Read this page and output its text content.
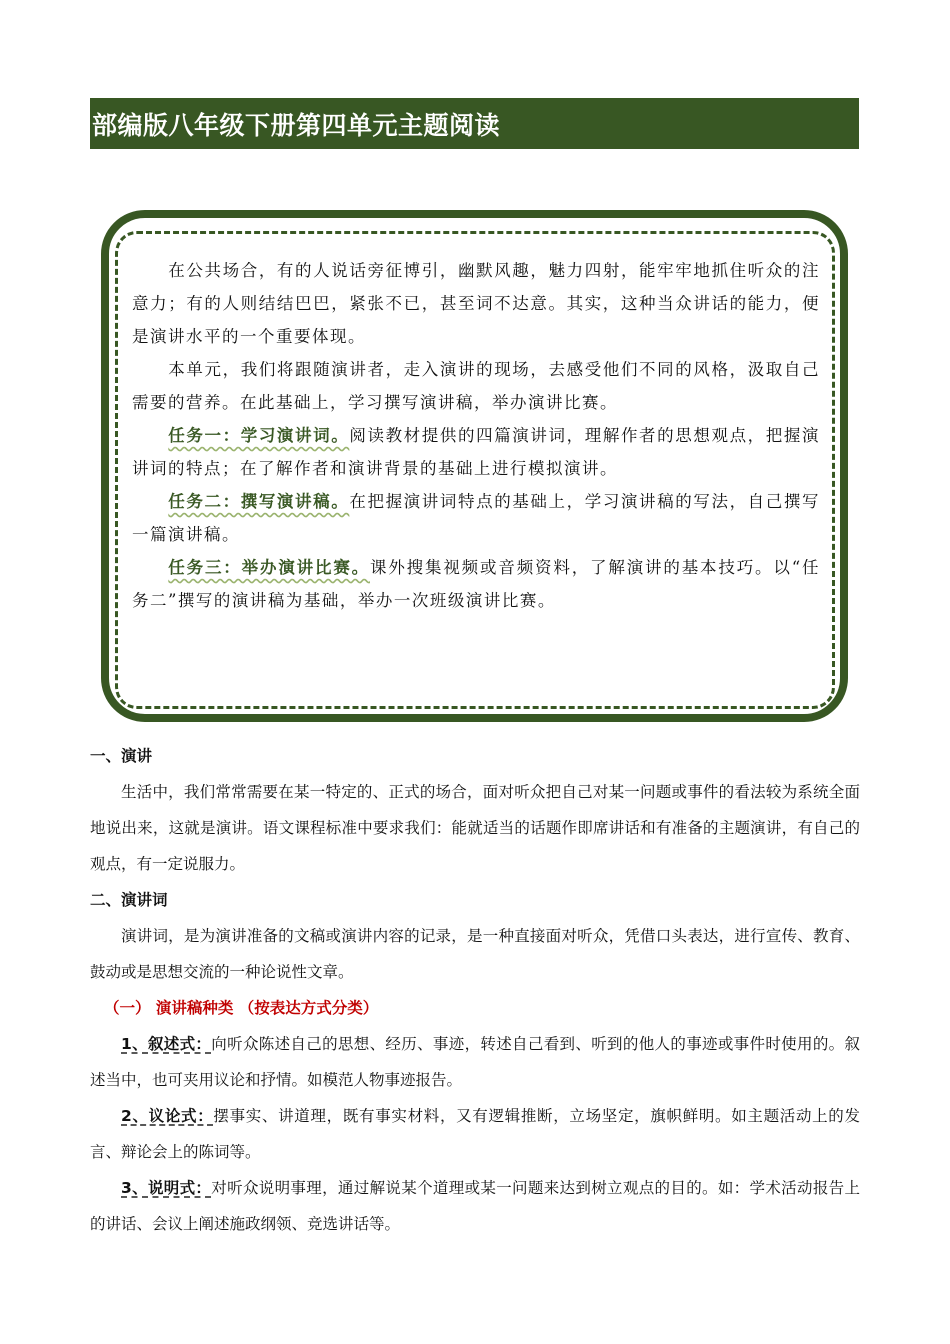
部编版八年级下册第四单元主题阅读

在公共场合，有的人说话旁征博引，幽默风趣，魅力四射，能牢牢地抓住听众的注意力；有的人则结结巴巴，紧张不已，甚至词不达意。其实，这种当众讲话的能力，便是演讲水平的一个重要体现。

本单元，我们将跟随演讲者，走入演讲的现场，去感受他们不同的风格，汲取自己需要的营养。在此基础上，学习撰写演讲稿，举办演讲比赛。

任务一：学习演讲词。阅读教材提供的四篇演讲词，理解作者的思想观点，把握演讲词的特点；在了解作者和演讲背景的基础上进行模拟演讲。

任务二：撰写演讲稿。在把握演讲词特点的基础上，学习演讲稿的写法，自己撰写一篇演讲稿。

任务三：举办演讲比赛。课外搜集视频或音频资料，了解演讲的基本技巧。以“任务二”撰写的演讲稿为基础，举办一次班级演讲比赛。

一、演讲

生活中，我们常常需要在某一特定的、正式的场合，面对听众把自己对某一问题或事件的看法较为系统全面地说出来，这就是演讲。语文课程标准中要求我们：能就适当的话题作即席讲话和有准备的主题演讲，有自己的观点，有一定说服力。

二、演讲词

演讲词，是为演讲准备的文稿或演讲内容的记录，是一种直接面对听众，凭借口头表达，进行宣传、教育、鼓动或是思想交流的一种论说性文章。

（一） 演讲稿种类 （按表达方式分类）

1、叙述式：向听众陈述自己的思想、经历、事迹，转述自己看到、听到的他人的事迹或事件时使用的。叙述当中，也可夹用议论和抒情。如模范人物事迹报告。

2、议论式：摆事实、讲道理，既有事实材料，又有逻辑推断，立场坚定，旗帜鲜明。如主题活动上的发言、辩论会上的陈词等。

3、说明式：对听众说明事理，通过解说某个道理或某一问题来达到树立观点的目的。如：学术活动报告上的讲话、会议上阐述施政纲领、竞选讲话等。
